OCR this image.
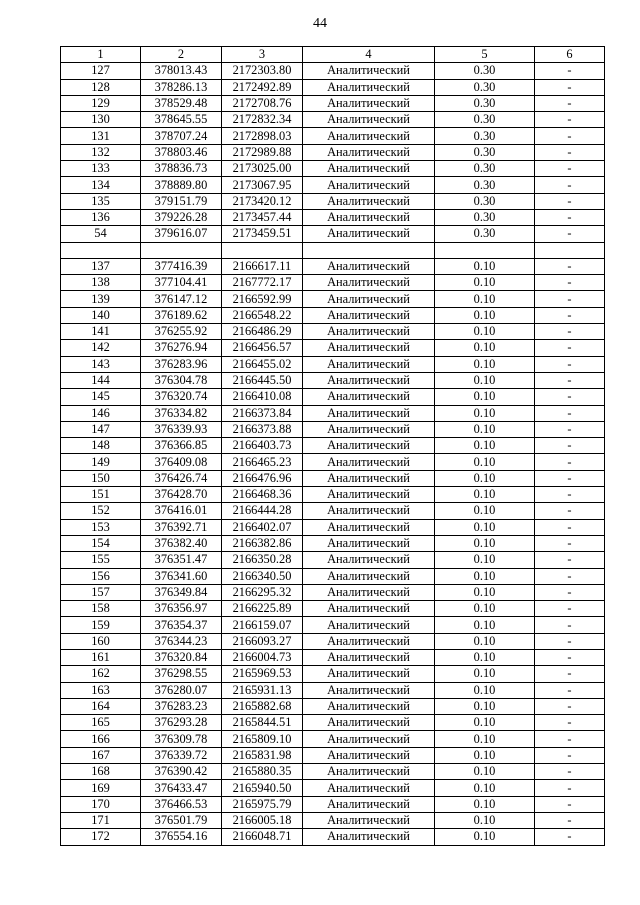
44
1	2	3	4	5	6
127	378013.43	2172303.80	Аналитический	0.30	-
128	378286.13	2172492.89	Аналитический	0.30	-
129	378529.48	2172708.76	Аналитический	0.30	-
130	378645.55	2172832.34	Аналитический	0.30	-
131	378707.24	2172898.03	Аналитический	0.30	-
132	378803.46	2172989.88	Аналитический	0.30	-
133	378836.73	2173025.00	Аналитический	0.30	-
134	378889.80	2173067.95	Аналитический	0.30	-
135	379151.79	2173420.12	Аналитический	0.30	-
136	379226.28	2173457.44	Аналитический	0.30	-
54	379616.07	2173459.51	Аналитический	0.30	-

137	377416.39	2166617.11	Аналитический	0.10	-
138	377104.41	2167772.17	Аналитический	0.10	-
139	376147.12	2166592.99	Аналитический	0.10	-
140	376189.62	2166548.22	Аналитический	0.10	-
141	376255.92	2166486.29	Аналитический	0.10	-
142	376276.94	2166456.57	Аналитический	0.10	-
143	376283.96	2166455.02	Аналитический	0.10	-
144	376304.78	2166445.50	Аналитический	0.10	-
145	376320.74	2166410.08	Аналитический	0.10	-
146	376334.82	2166373.84	Аналитический	0.10	-
147	376339.93	2166373.88	Аналитический	0.10	-
148	376366.85	2166403.73	Аналитический	0.10	-
149	376409.08	2166465.23	Аналитический	0.10	-
150	376426.74	2166476.96	Аналитический	0.10	-
151	376428.70	2166468.36	Аналитический	0.10	-
152	376416.01	2166444.28	Аналитический	0.10	-
153	376392.71	2166402.07	Аналитический	0.10	-
154	376382.40	2166382.86	Аналитический	0.10	-
155	376351.47	2166350.28	Аналитический	0.10	-
156	376341.60	2166340.50	Аналитический	0.10	-
157	376349.84	2166295.32	Аналитический	0.10	-
158	376356.97	2166225.89	Аналитический	0.10	-
159	376354.37	2166159.07	Аналитический	0.10	-
160	376344.23	2166093.27	Аналитический	0.10	-
161	376320.84	2166004.73	Аналитический	0.10	-
162	376298.55	2165969.53	Аналитический	0.10	-
163	376280.07	2165931.13	Аналитический	0.10	-
164	376283.23	2165882.68	Аналитический	0.10	-
165	376293.28	2165844.51	Аналитический	0.10	-
166	376309.78	2165809.10	Аналитический	0.10	-
167	376339.72	2165831.98	Аналитический	0.10	-
168	376390.42	2165880.35	Аналитический	0.10	-
169	376433.47	2165940.50	Аналитический	0.10	-
170	376466.53	2165975.79	Аналитический	0.10	-
171	376501.79	2166005.18	Аналитический	0.10	-
172	376554.16	2166048.71	Аналитический	0.10	-
